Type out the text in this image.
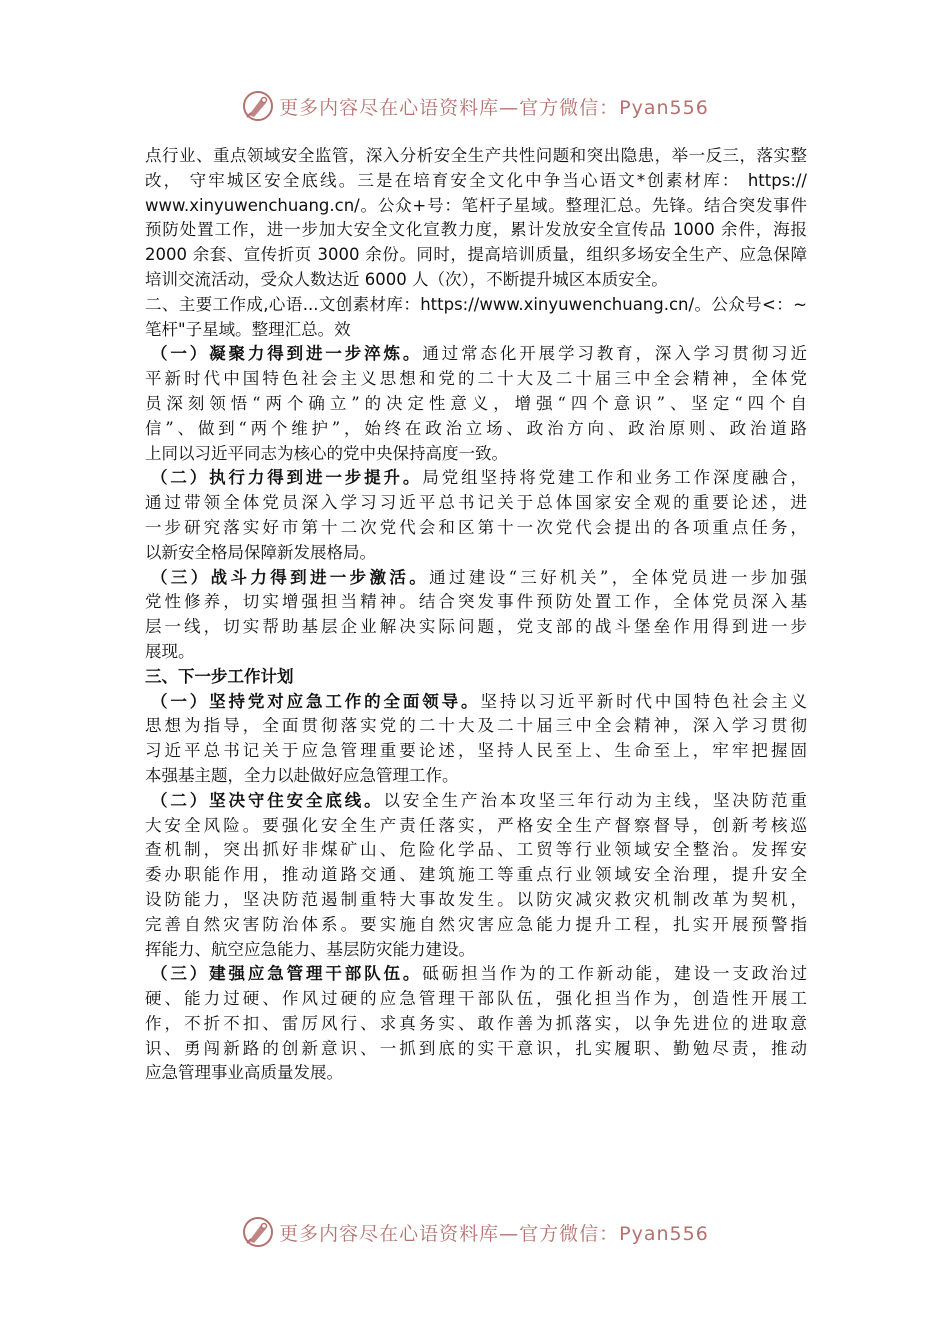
更多内容尽在心语资料库—官方微信：Pyan556
点行业、重点领域安全监管，深入分析安全生产共性问题和突出隐患，举一反三，落实整
改， 守牢城区安全底线。三是在培育安全文化中争当心语文*创素材库： https://
www.xinyuwenchuang.cn/。公众+号：笔杆子星域。整理汇总。先锋。结合突发事件
预防处置工作，进一步加大安全文化宣教力度，累计发放安全宣传品 1000 余件，海报
2000 余套、宣传折页 3000 余份。同时，提高培训质量，组织多场安全生产、应急保障
培训交流活动，受众人数达近 6000 人（次），不断提升城区本质安全。
二、主要工作成,心语...文创素材库：https://www.xinyuwenchuang.cn/。公众号<：~
笔杆"子星域。整理汇总。效
（一）凝聚力得到进一步淬炼。通过常态化开展学习教育，深入学习贯彻习近
平新时代中国特色社会主义思想和党的二十大及二十届三中全会精神，全体党
员深刻领悟“两个确立”的决定性意义，增强“四个意识”、坚定“四个自
信”、做到“两个维护”，始终在政治立场、政治方向、政治原则、政治道路
上同以习近平同志为核心的党中央保持高度一致。
（二）执行力得到进一步提升。局党组坚持将党建工作和业务工作深度融合，
通过带领全体党员深入学习习近平总书记关于总体国家安全观的重要论述，进
一步研究落实好市第十二次党代会和区第十一次党代会提出的各项重点任务，
以新安全格局保障新发展格局。
（三）战斗力得到进一步激活。通过建设“三好机关”，全体党员进一步加强
党性修养，切实增强担当精神。结合突发事件预防处置工作，全体党员深入基
层一线，切实帮助基层企业解决实际问题，党支部的战斗堡垒作用得到进一步
展现。
三、下一步工作计划
（一）坚持党对应急工作的全面领导。坚持以习近平新时代中国特色社会主义
思想为指导，全面贯彻落实党的二十大及二十届三中全会精神，深入学习贯彻
习近平总书记关于应急管理重要论述，坚持人民至上、生命至上，牢牢把握固
本强基主题，全力以赴做好应急管理工作。
（二）坚决守住安全底线。以安全生产治本攻坚三年行动为主线，坚决防范重
大安全风险。要强化安全生产责任落实，严格安全生产督察督导，创新考核巡
查机制，突出抓好非煤矿山、危险化学品、工贸等行业领域安全整治。发挥安
委办职能作用，推动道路交通、建筑施工等重点行业领域安全治理，提升安全
设防能力，坚决防范遏制重特大事故发生。以防灾减灾救灾机制改革为契机，
完善自然灾害防治体系。要实施自然灾害应急能力提升工程，扎实开展预警指
挥能力、航空应急能力、基层防灾能力建设。
（三）建强应急管理干部队伍。砥砺担当作为的工作新动能，建设一支政治过
硬、能力过硬、作风过硬的应急管理干部队伍，强化担当作为，创造性开展工
作，不折不扣、雷厉风行、求真务实、敢作善为抓落实，以争先进位的进取意
识、勇闯新路的创新意识、一抓到底的实干意识，扎实履职、勤勉尽责，推动
应急管理事业高质量发展。
更多内容尽在心语资料库—官方微信：Pyan556
